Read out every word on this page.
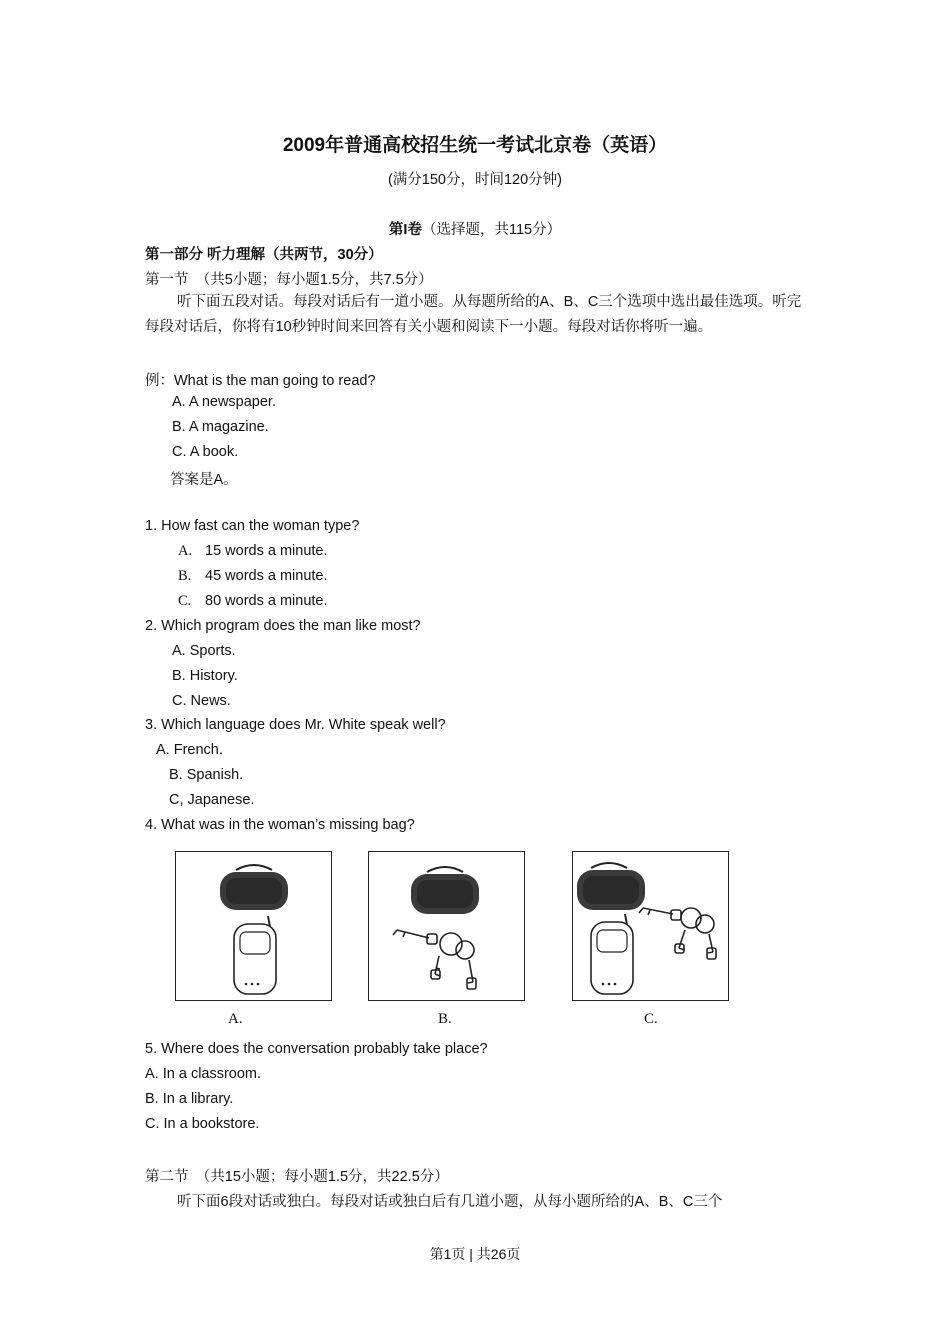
2009年普通高校招生统一考试北京卷（英语）
(满分150分，时间120分钟)
第I卷（选择题，共115分）
第一部分 听力理解（共两节，30分）
第一节　（共5小题；每小题1.5分，共7.5分）
听下面五段对话。每段对话后有一道小题。从每题所给的A、B、C三个选项中选出最佳选项。听完每段对话后，你将有10秒钟时间来回答有关小题和阅读下一小题。每段对话你将听一遍。
例：What is the man going to read?
A. A newspaper.
B. A magazine.
C. A book.
答案是A。
1. How fast can the woman type?
A. 15 words a minute.
B. 45 words a minute.
C. 80 words a minute.
2. Which program does the man like most?
A. Sports.
B. History.
C. News.
3. Which language does Mr. White speak well?
A. French.
B. Spanish.
C, Japanese.
4. What was in the woman’s missing bag?
A.	B.	C.
5. Where does the conversation probably take place?
A. In a classroom.
B. In a library.
C. In a bookstore.
第二节　（共15小题；每小题1.5分，共22.5分）
听下面6段对话或独白。每段对话或独白后有几道小题，从每小题所给的A、B、C三个
第1页 | 共26页
